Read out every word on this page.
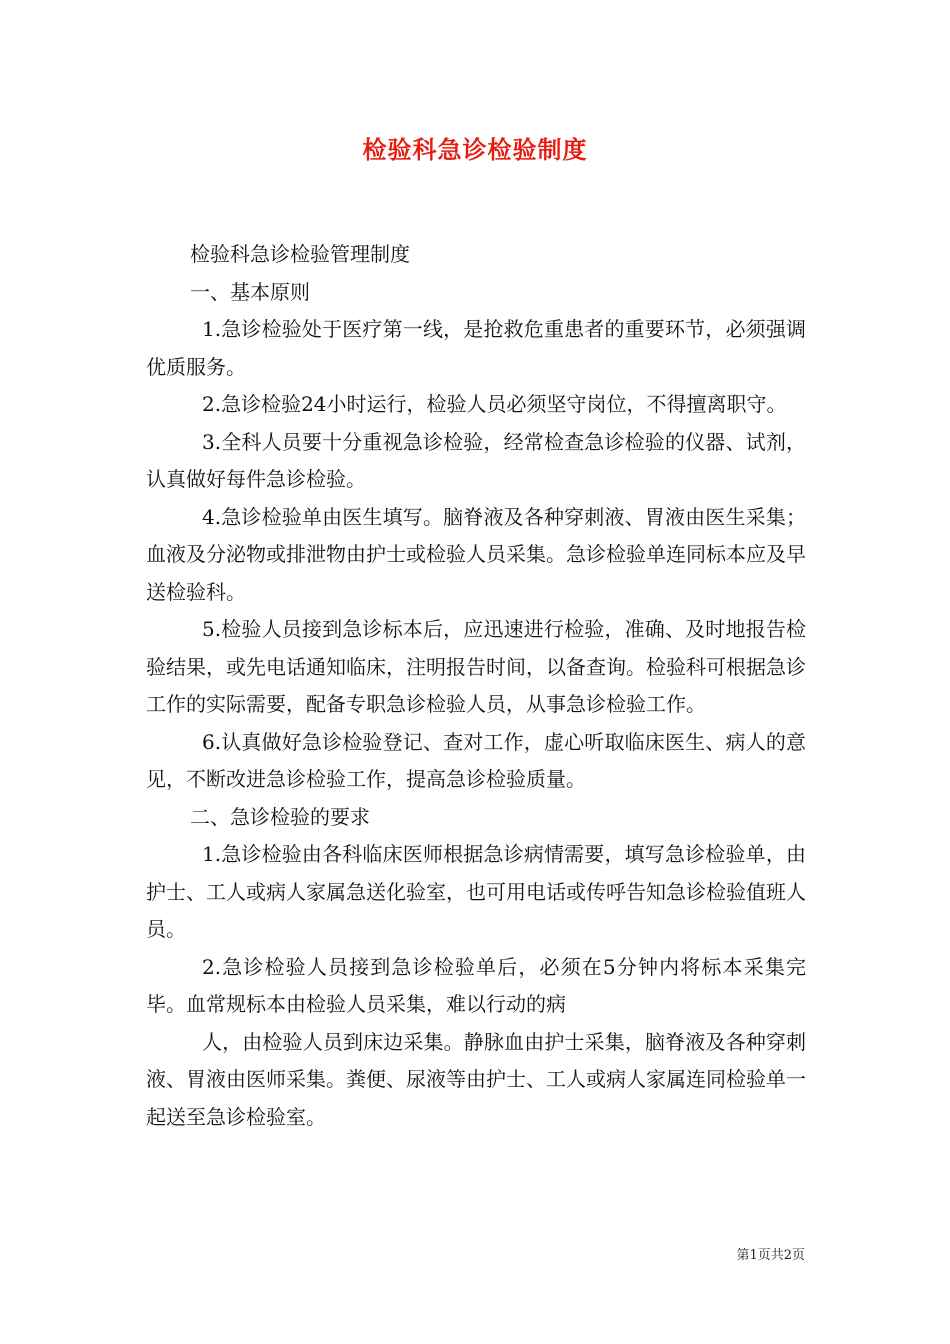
检验科急诊检验制度

检验科急诊检验管理制度

一、基本原则

1.急诊检验处于医疗第一线，是抢救危重患者的重要环节，必须强调优质服务。

2.急诊检验24小时运行，检验人员必须坚守岗位，不得擅离职守。

3.全科人员要十分重视急诊检验，经常检查急诊检验的仪器、试剂，认真做好每件急诊检验。

4.急诊检验单由医生填写。脑脊液及各种穿刺液、胃液由医生采集；血液及分泌物或排泄物由护士或检验人员采集。急诊检验单连同标本应及早送检验科。

5.检验人员接到急诊标本后，应迅速进行检验，准确、及时地报告检验结果，或先电话通知临床，注明报告时间，以备查询。检验科可根据急诊工作的实际需要，配备专职急诊检验人员，从事急诊检验工作。

6.认真做好急诊检验登记、查对工作，虚心听取临床医生、病人的意见，不断改进急诊检验工作，提高急诊检验质量。

二、急诊检验的要求

1.急诊检验由各科临床医师根据急诊病情需要，填写急诊检验单，由护士、工人或病人家属急送化验室，也可用电话或传呼告知急诊检验值班人员。

2.急诊检验人员接到急诊检验单后，必须在5分钟内将标本采集完毕。血常规标本由检验人员采集，难以行动的病

人，由检验人员到床边采集。静脉血由护士采集，脑脊液及各种穿刺液、胃液由医师采集。粪便、尿液等由护士、工人或病人家属连同检验单一起送至急诊检验室。

第1页共2页
